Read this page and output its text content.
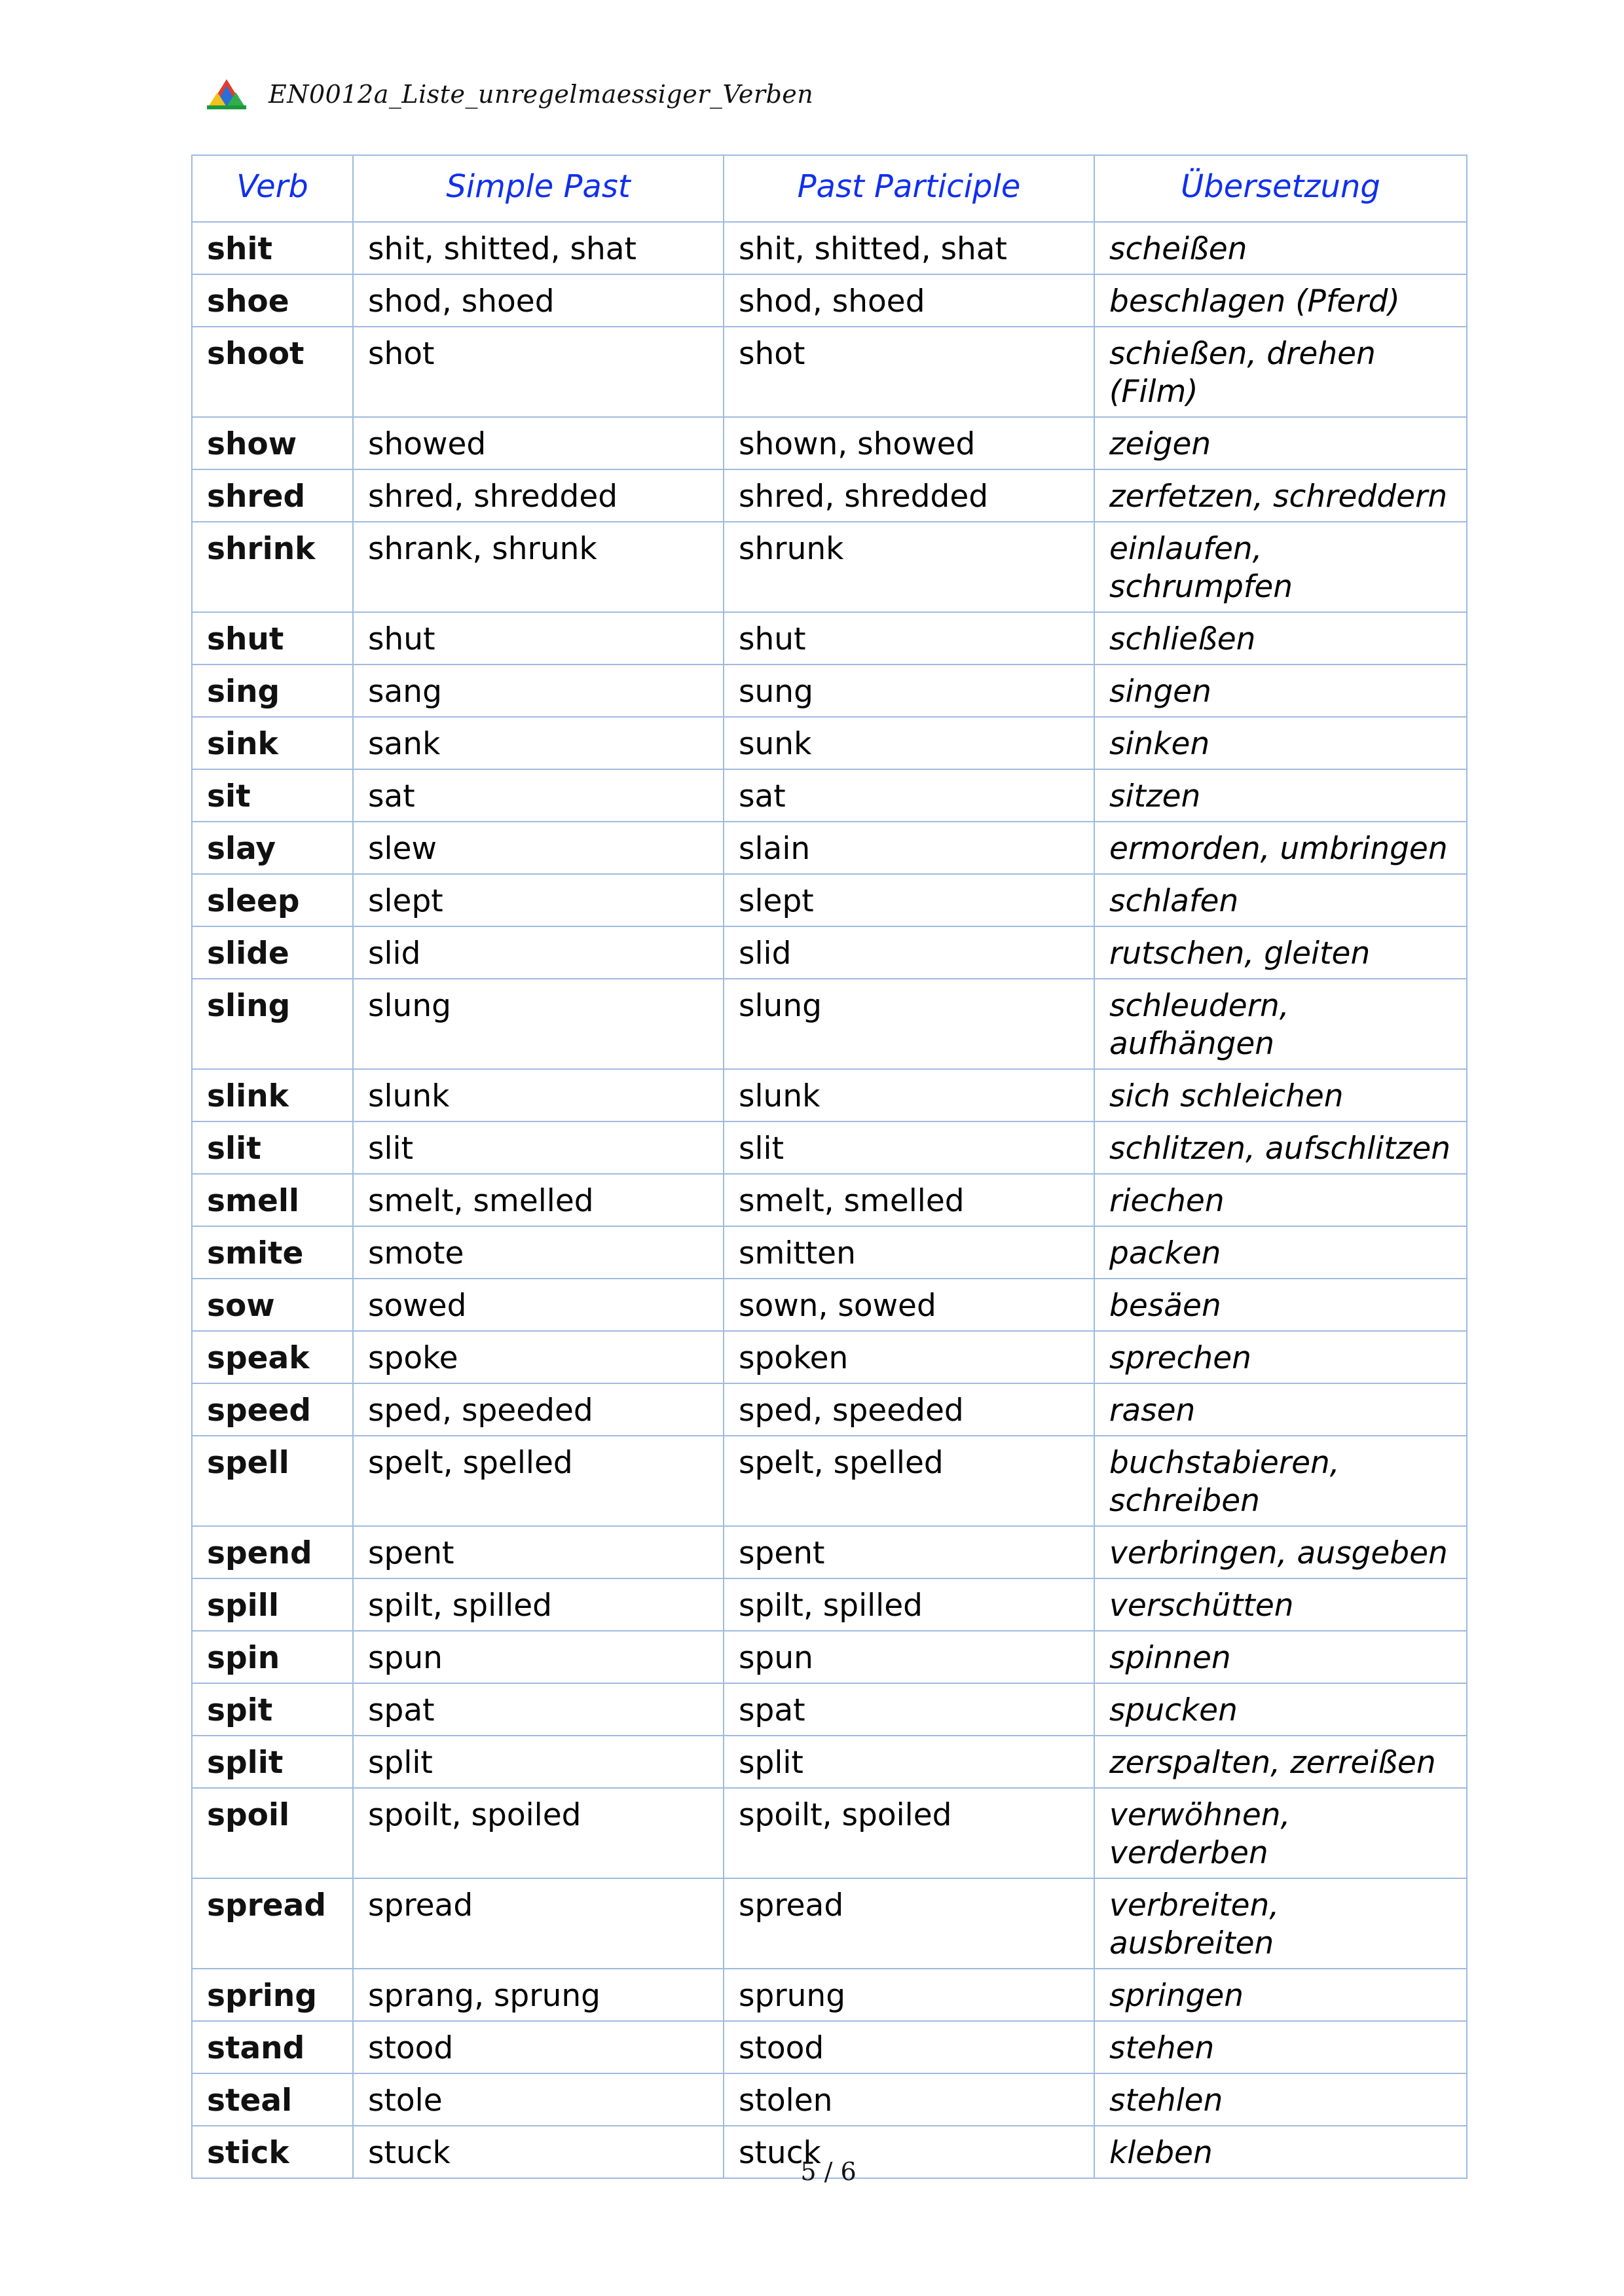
EN0012a_Liste_unregelmaessiger_Verben
Verb	Simple Past	Past Participle	Übersetzung
shit	shit, shitted, shat	shit, shitted, shat	scheißen
shoe	shod, shoed	shod, shoed	beschlagen (Pferd)
shoot	shot	shot	schießen, drehen (Film)
show	showed	shown, showed	zeigen
shred	shred, shredded	shred, shredded	zerfetzen, schreddern
shrink	shrank, shrunk	shrunk	einlaufen, schrumpfen
shut	shut	shut	schließen
sing	sang	sung	singen
sink	sank	sunk	sinken
sit	sat	sat	sitzen
slay	slew	slain	ermorden, umbringen
sleep	slept	slept	schlafen
slide	slid	slid	rutschen, gleiten
sling	slung	slung	schleudern, aufhängen
slink	slunk	slunk	sich schleichen
slit	slit	slit	schlitzen, aufschlitzen
smell	smelt, smelled	smelt, smelled	riechen
smite	smote	smitten	packen
sow	sowed	sown, sowed	besäen
speak	spoke	spoken	sprechen
speed	sped, speeded	sped, speeded	rasen
spell	spelt, spelled	spelt, spelled	buchstabieren, schreiben
spend	spent	spent	verbringen, ausgeben
spill	spilt, spilled	spilt, spilled	verschütten
spin	spun	spun	spinnen
spit	spat	spat	spucken
split	split	split	zerspalten, zerreißen
spoil	spoilt, spoiled	spoilt, spoiled	verwöhnen, verderben
spread	spread	spread	verbreiten, ausbreiten
spring	sprang, sprung	sprung	springen
stand	stood	stood	stehen
steal	stole	stolen	stehlen
stick	stuck	stuck	kleben
5 / 6
